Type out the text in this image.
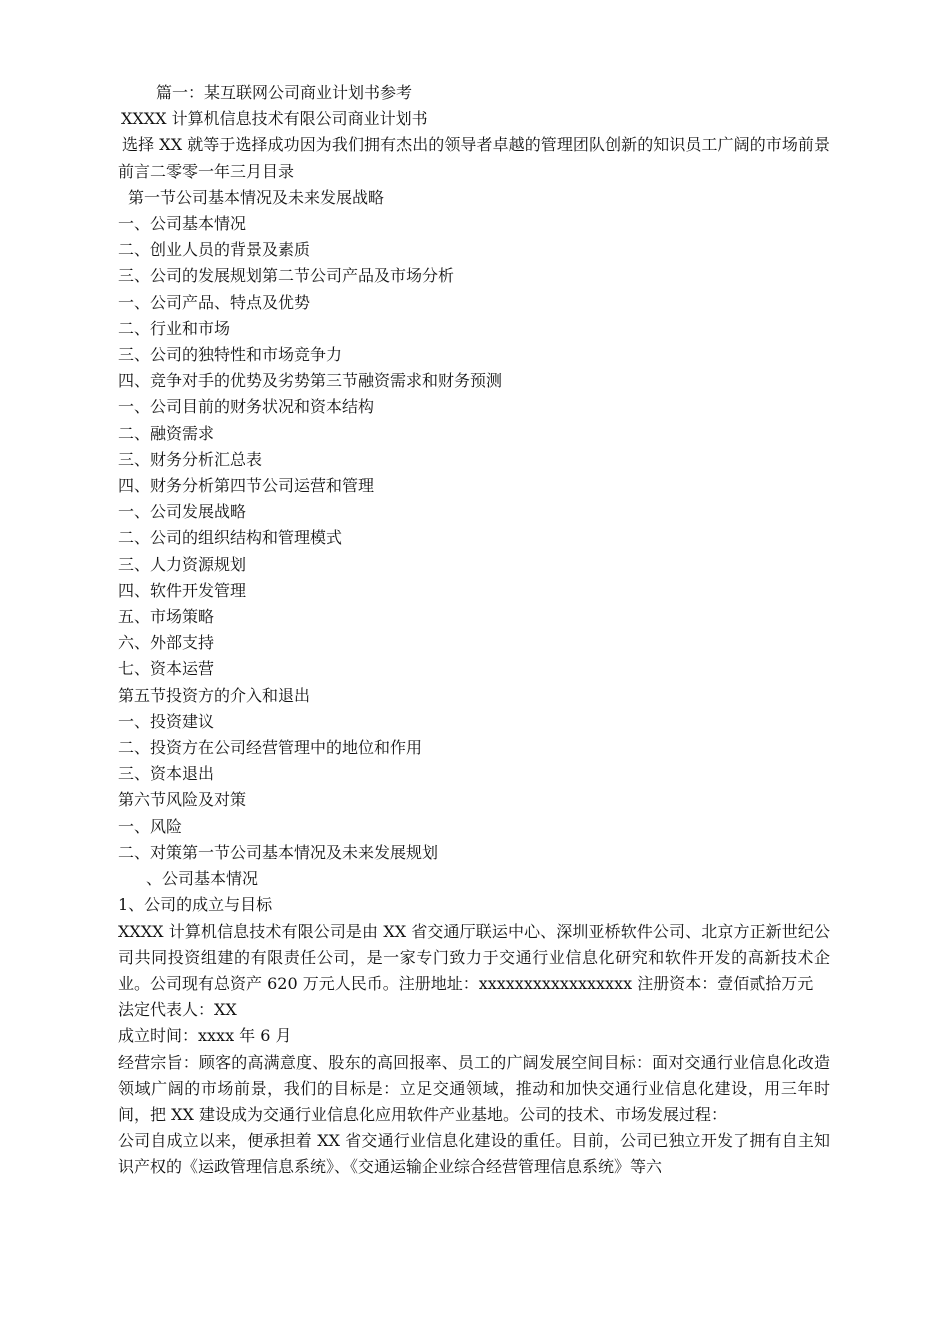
篇一：某互联网公司商业计划书参考
XXXX 计算机信息技术有限公司商业计划书
选择 XX 就等于选择成功因为我们拥有杰出的领导者卓越的管理团队创新的知识员工广阔的市场前景前言二零零一年三月目录
第一节公司基本情况及未来发展战略
一、公司基本情况
二、创业人员的背景及素质
三、公司的发展规划第二节公司产品及市场分析
一、公司产品、特点及优势
二、行业和市场
三、公司的独特性和市场竞争力
四、竞争对手的优势及劣势第三节融资需求和财务预测
一、公司目前的财务状况和资本结构
二、融资需求
三、财务分析汇总表
四、财务分析第四节公司运营和管理
一、公司发展战略
二、公司的组织结构和管理模式
三、人力资源规划
四、软件开发管理
五、市场策略
六、外部支持
七、资本运营
第五节投资方的介入和退出
一、投资建议
二、投资方在公司经营管理中的地位和作用
三、资本退出
第六节风险及对策
一、风险
二、对策第一节公司基本情况及未来发展规划
、公司基本情况
1、公司的成立与目标
XXXX 计算机信息技术有限公司是由 XX 省交通厅联运中心、深圳亚桥软件公司、北京方正新世纪公司共同投资组建的有限责任公司，是一家专门致力于交通行业信息化研究和软件开发的高新技术企业。公司现有总资产 620 万元人民币。注册地址：xxxxxxxxxxxxxxxxx 注册资本：壹佰贰拾万元
法定代表人：XX
成立时间：xxxx 年 6 月
经营宗旨：顾客的高满意度、股东的高回报率、员工的广阔发展空间目标：面对交通行业信息化改造领域广阔的市场前景，我们的目标是：立足交通领域，推动和加快交通行业信息化建设，用三年时间，把 XX 建设成为交通行业信息化应用软件产业基地。公司的技术、市场发展过程：
公司自成立以来，便承担着 XX 省交通行业信息化建设的重任。目前，公司已独立开发了拥有自主知识产权的《运政管理信息系统》、《交通运输企业综合经营管理信息系统》等六
